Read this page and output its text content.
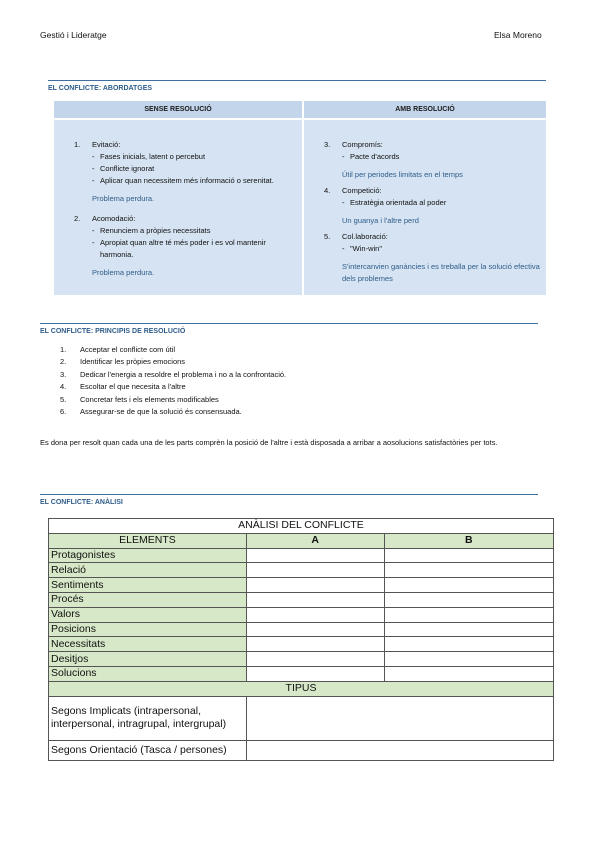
Gestió i Lideratge	Elsa Moreno
EL CONFLICTE: ABORDATGES
SENSE RESOLUCIÓ	AMB RESOLUCIÓ
1. Evitació:
- Fases inicials, latent o percebut
- Conflicte ignorat
- Aplicar quan necessitem més informació o serenitat.
Problema perdura.
2. Acomodació:
- Renunciem a pròpies necessitats
- Apropiat quan altre té més poder i es vol mantenir harmonia.
Problema perdura.
3. Compromís:
- Pacte d'acords
Útil per periodes limitats en el temps
4. Competició:
- Estratègia orientada al poder
Un guanya i l'altre perd
5. Col.laboració:
- "Win-win"
S'intercanvien ganàncies i es treballa per la solució efectiva dels problemes
EL CONFLICTE: PRINCIPIS DE RESOLUCIÓ
1. Acceptar el conflicte com útil
2. Identificar les pròpies emocions
3. Dedicar l'energia a resoldre el problema i no a la confrontació.
4. Escoltar el que necesita a l'altre
5. Concretar fets i els elements modificables
6. Assegurar-se de que la solució és consensuada.
Es dona per resolt quan cada una de les parts comprèn la posició de l'altre i està disposada a arribar a aosolucions satisfactòries per tots.
EL CONFLICTE: ANÀLISI
ANÀLISI DEL CONFLICTE		
ELEMENTS	A	B
Protagonistes		
Relació		
Sentiments		
Procés		
Valors		
Posicions		
Necessitats		
Desitjos		
Solucions		
TIPUS		
Segons Implicats (intrapersonal, interpersonal, intragrupal, intergrupal)		
Segons Orientació (Tasca / persones)		
